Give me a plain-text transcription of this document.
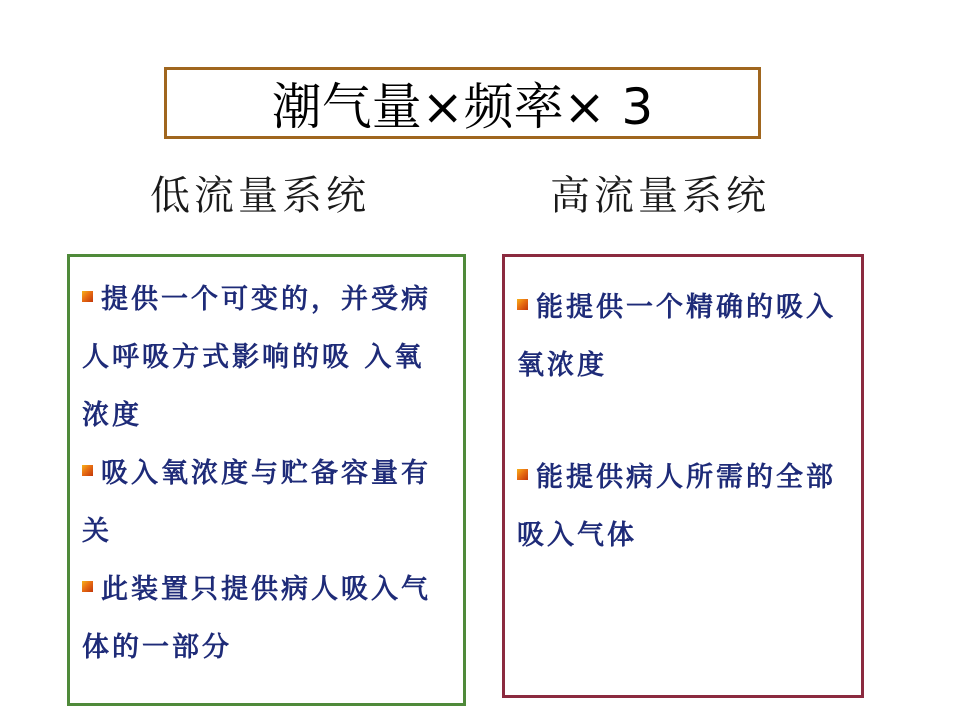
潮气量×频率× 3
低流量系统	高流量系统
提供一个可变的，并受病人呼吸方式影响的吸 入氧浓度
吸入氧浓度与贮备容量有关
此装置只提供病人吸入气体的一部分
能提供一个精确的吸入氧浓度
能提供病人所需的全部吸入气体
